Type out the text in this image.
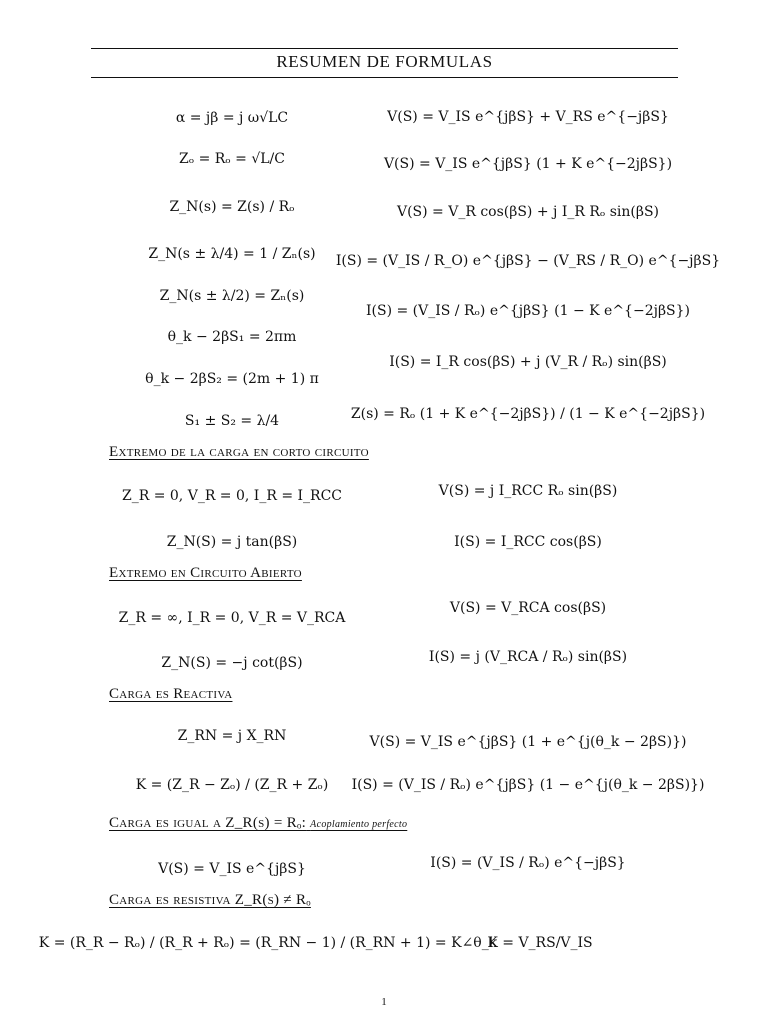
RESUMEN DE FORMULAS
α = jβ = j ω√LC
Zₒ = Rₒ = √L/C
Z_N(s) = Z(s) / Rₒ
Z_N(s ± λ/4) = 1 / Zₙ(s)
Z_N(s ± λ/2) = Zₙ(s)
θ_k − 2βS₁ = 2πm
θ_k − 2βS₂ = (2m + 1) π
S₁ ± S₂ = λ/4
V(S) = V_IS e^{jβS} + V_RS e^{−jβS}
V(S) = V_IS e^{jβS} (1 + K e^{−2jβS})
V(S) = V_R cos(βS) + j I_R Rₒ sin(βS)
I(S) = (V_IS / R_O) e^{jβS} − (V_RS / R_O) e^{−jβS}
I(S) = (V_IS / Rₒ) e^{jβS} (1 − K e^{−2jβS})
I(S) = I_R cos(βS) + j (V_R / Rₒ) sin(βS)
Z(s) = Rₒ (1 + K e^{−2jβS}) / (1 − K e^{−2jβS})
Extremo de la carga en corto circuito
Z_R = 0, V_R = 0, I_R = I_RCC
Z_N(S) = j tan(βS)
V(S) = j I_RCC Rₒ sin(βS)
I(S) = I_RCC cos(βS)
Extremo en Circuito Abierto
Z_R = ∞, I_R = 0, V_R = V_RCA
Z_N(S) = −j cot(βS)
V(S) = V_RCA cos(βS)
I(S) = j (V_RCA / Rₒ) sin(βS)
Carga es Reactiva
Z_RN = j X_RN
K = (Z_R − Zₒ) / (Z_R + Zₒ)
V(S) = V_IS e^{jβS} (1 + e^{j(θ_k − 2βS)})
I(S) = (V_IS / Rₒ) e^{jβS} (1 − e^{j(θ_k − 2βS)})
Carga es igual a Z_R(s) = Rₒ: Acoplamiento perfecto
V(S) = V_IS e^{jβS}	I(S) = (V_IS / Rₒ) e^{−jβS}
Carga es resistiva Z_R(s) ≠ Rₒ
K = (R_R − Rₒ) / (R_R + Rₒ) = (R_RN − 1) / (R_RN + 1) = K∠θ_k
K = V_RS/V_IS
1
